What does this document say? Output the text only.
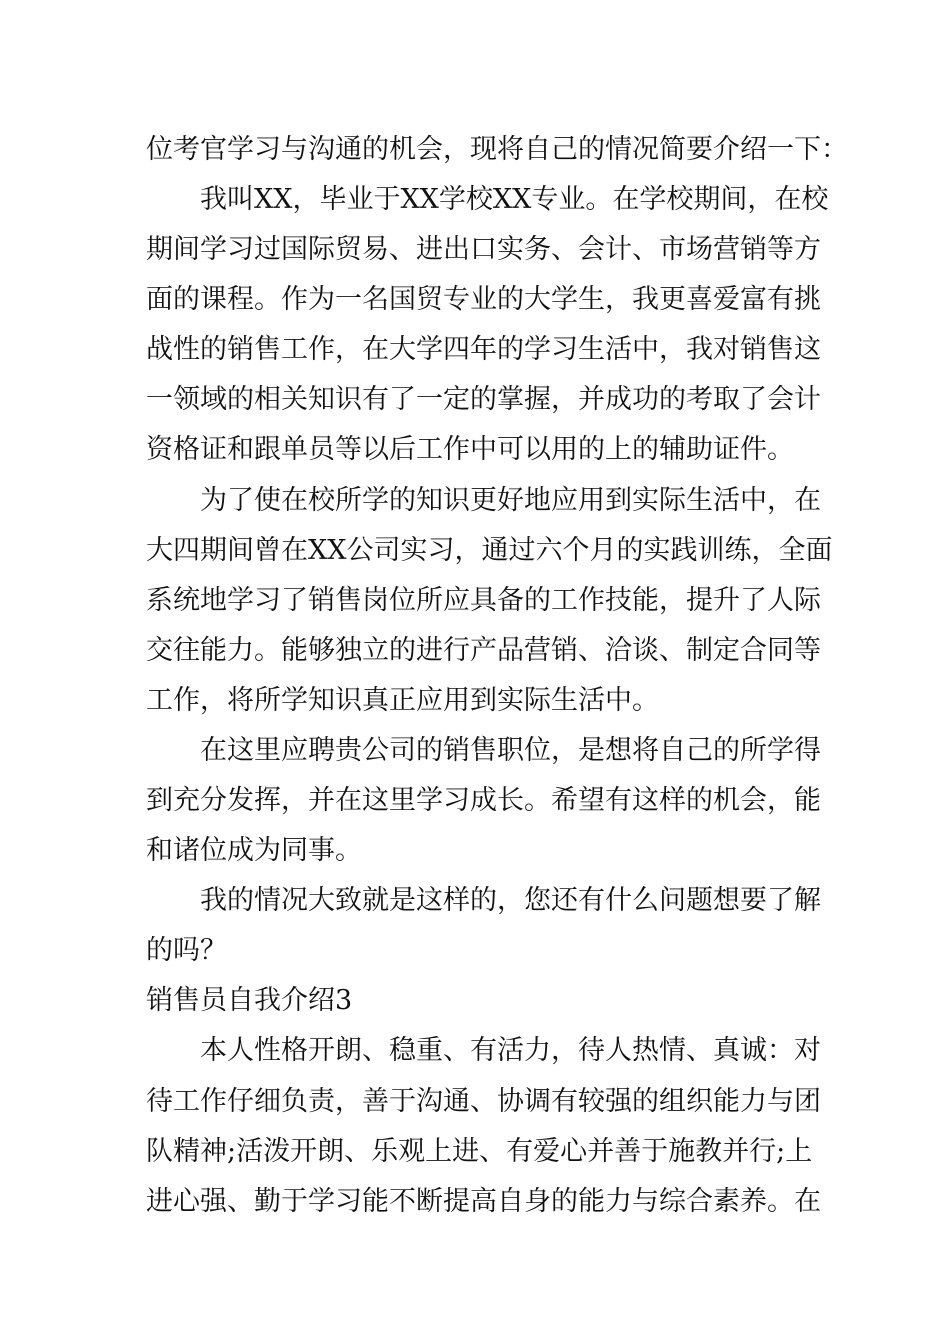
位考官学习与沟通的机会，现将自己的情况简要介绍一下：
我叫XX，毕业于XX学校XX专业。在学校期间，在校
期间学习过国际贸易、进出口实务、会计、市场营销等方
面的课程。作为一名国贸专业的大学生，我更喜爱富有挑
战性的销售工作，在大学四年的学习生活中，我对销售这
一领域的相关知识有了一定的掌握，并成功的考取了会计
资格证和跟单员等以后工作中可以用的上的辅助证件。
为了使在校所学的知识更好地应用到实际生活中，在
大四期间曾在XX公司实习，通过六个月的实践训练，全面
系统地学习了销售岗位所应具备的工作技能，提升了人际
交往能力。能够独立的进行产品营销、洽谈、制定合同等
工作，将所学知识真正应用到实际生活中。
在这里应聘贵公司的销售职位，是想将自己的所学得
到充分发挥，并在这里学习成长。希望有这样的机会，能
和诸位成为同事。
我的情况大致就是这样的，您还有什么问题想要了解
的吗？
销售员自我介绍3
本人性格开朗、稳重、有活力，待人热情、真诚：对
待工作仔细负责，善于沟通、协调有较强的组织能力与团
队精神;活泼开朗、乐观上进、有爱心并善于施教并行;上
进心强、勤于学习能不断提高自身的能力与综合素养。在
